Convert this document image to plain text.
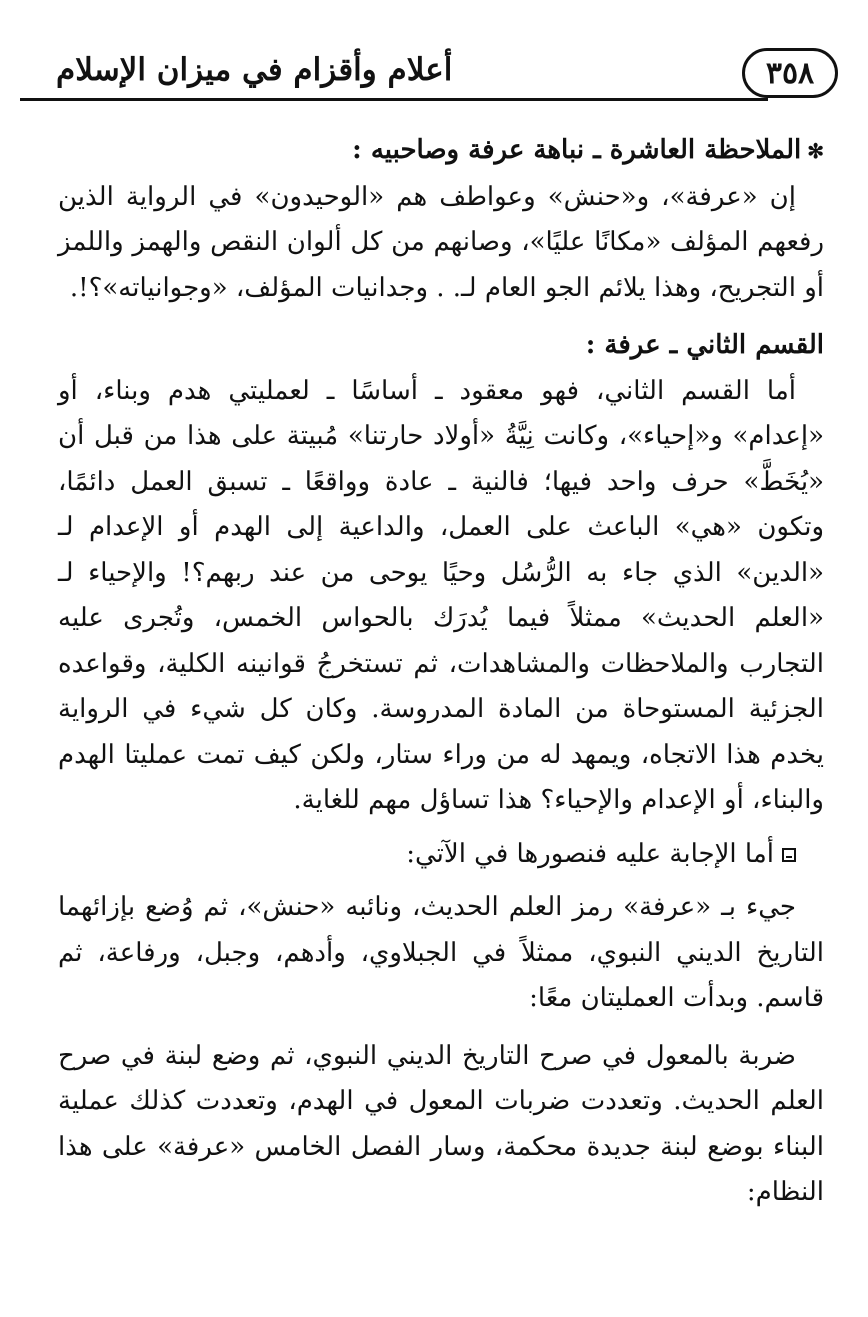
٣٥٨
أعلام وأقزام في ميزان الإسلام

✻الملاحظة العاشرة ـ نباهة عرفة وصاحبيه :

إن «عرفة»، و«حنش» وعواطف هم «الوحيدون» في الرواية الذين رفعهم المؤلف «مكانًا عليًا»، وصانهم من كل ألوان النقص والهمز واللمز أو التجريح، وهذا يلائم الجو العام لـ. . وجدانيات المؤلف، «وجوانياته»؟!.

القسم الثاني ـ عرفة :

أما القسم الثاني، فهو معقود ـ أساسًا ـ لعمليتي هدم وبناء، أو «إعدام» و«إحياء»، وكانت نِيَّةُ «أولاد حارتنا» مُبيتة على هذا من قبل أن «يُخَطَّ» حرف واحد فيها؛ فالنية ـ عادة وواقعًا ـ تسبق العمل دائمًا، وتكون «هي» الباعث على العمل، والداعية إلى الهدم أو الإعدام لـ «الدين» الذي جاء به الرُّسُل وحيًا يوحى من عند ربهم؟! والإحياء لـ «العلم الحديث» ممثلاً فيما يُدرَك بالحواس الخمس، وتُجرى عليه التجارب والملاحظات والمشاهدات، ثم تستخرجُ قوانينه الكلية، وقواعده الجزئية المستوحاة من المادة المدروسة. وكان كل شيء في الرواية يخدم هذا الاتجاه، ويمهد له من وراء ستار، ولكن كيف تمت عمليتا الهدم والبناء، أو الإعدام والإحياء؟ هذا تساؤل مهم للغاية.

أما الإجابة عليه فنصورها في الآتي:

جيء بـ «عرفة» رمز العلم الحديث، ونائبه «حنش»، ثم وُضع بإزائهما التاريخ الديني النبوي، ممثلاً في الجبلاوي، وأدهم، وجبل، ورفاعة، ثم قاسم. وبدأت العمليتان معًا:

ضربة بالمعول في صرح التاريخ الديني النبوي، ثم وضع لبنة في صرح العلم الحديث. وتعددت ضربات المعول في الهدم، وتعددت كذلك عملية البناء بوضع لبنة جديدة محكمة، وسار الفصل الخامس «عرفة» على هذا النظام:
